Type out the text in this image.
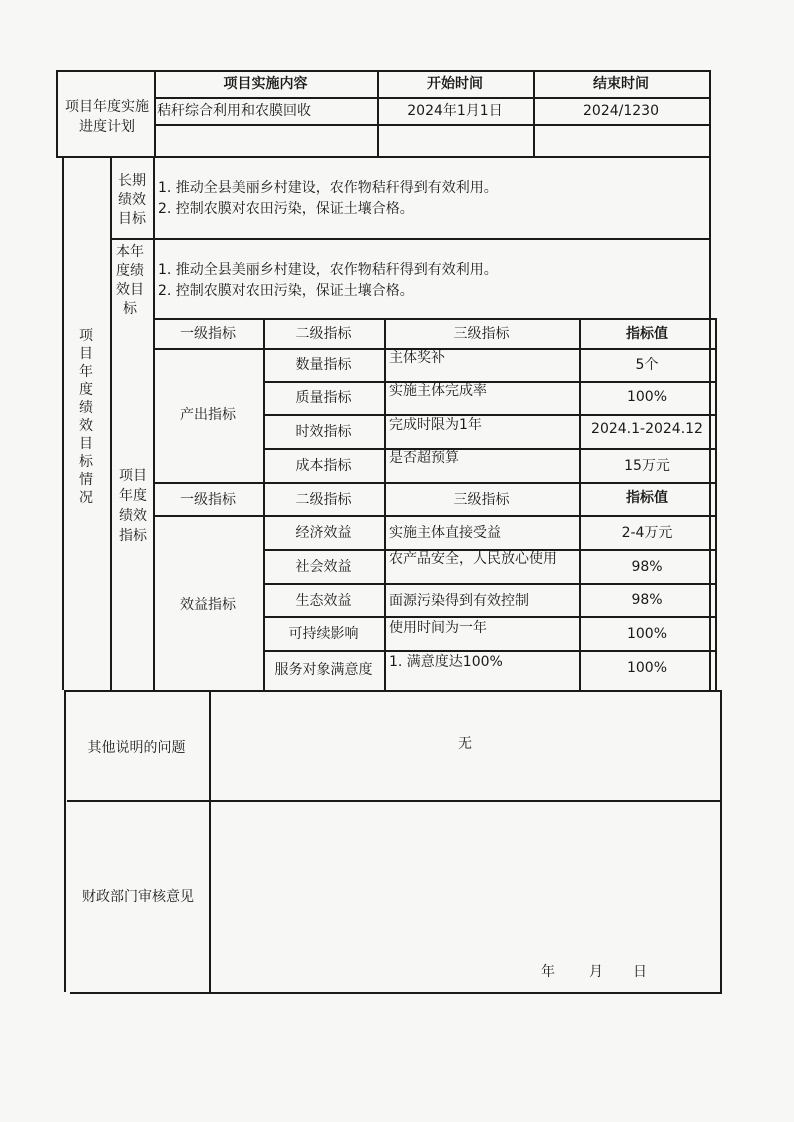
项目年度实施进度计划
项目实施内容	开始时间	结束时间
秸秆综合利用和农膜回收	2024年1月1日	2024/1230
项目年度绩效目标情况
长期绩效目标
1. 推动全县美丽乡村建设，农作物秸秆得到有效利用。
2. 控制农膜对农田污染，保证土壤合格。
本年度绩效目标
1. 推动全县美丽乡村建设，农作物秸秆得到有效利用。
2. 控制农膜对农田污染，保证土壤合格。
项目年度绩效指标
一级指标	二级指标	三级指标	指标值
产出指标
数量指标	主体奖补	5个
质量指标	实施主体完成率	100%
时效指标	完成时限为1年	2024.1-2024.12
成本指标	是否超预算	15万元
一级指标	二级指标	三级指标	指标值
效益指标
经济效益	实施主体直接受益	2-4万元
社会效益	农产品安全，人民放心使用	98%
生态效益	面源污染得到有效控制	98%
可持续影响	使用时间为一年	100%
服务对象满意度	1. 满意度达100%	100%
其他说明的问题	无
财政部门审核意见
年 月 日
